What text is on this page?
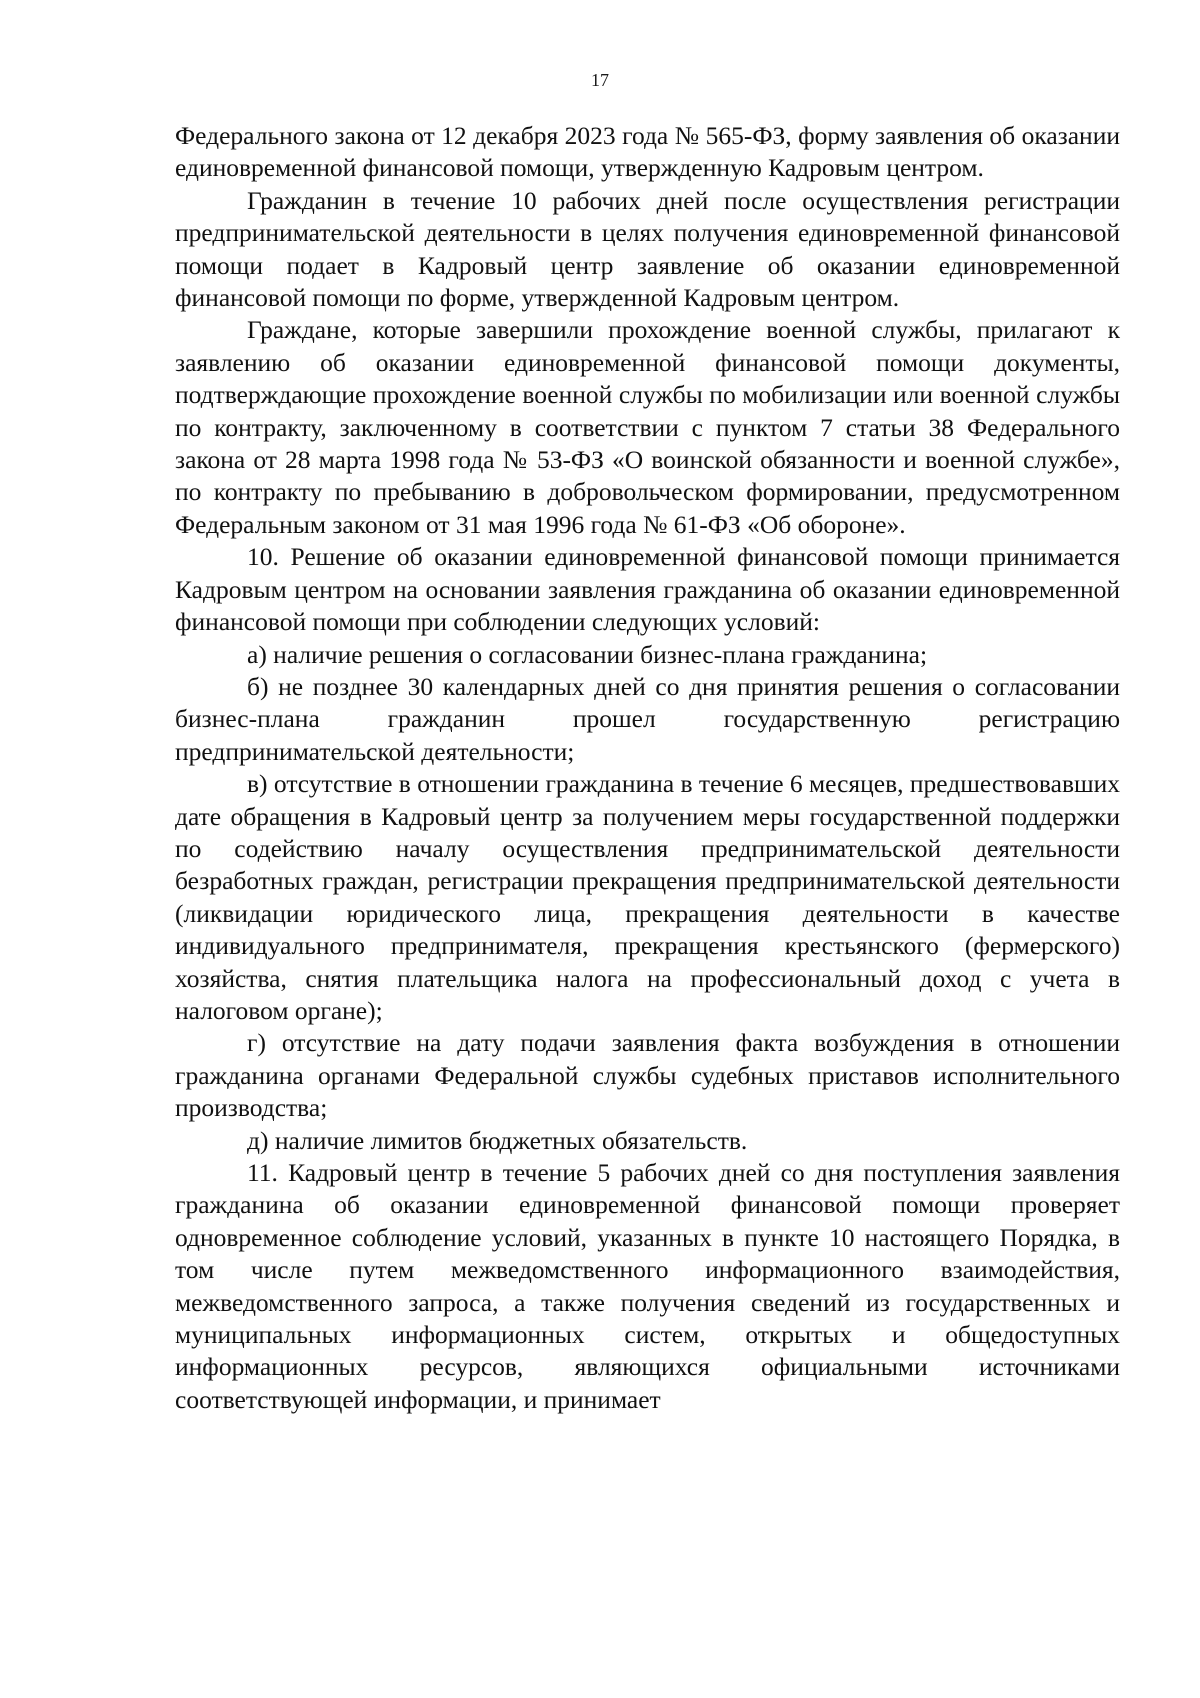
17

Федерального закона от 12 декабря 2023 года № 565-ФЗ, форму заявления об оказании единовременной финансовой помощи, утвержденную Кадровым центром.

Гражданин в течение 10 рабочих дней после осуществления регистрации предпринимательской деятельности в целях получения единовременной финансовой помощи подает в Кадровый центр заявление об оказании единовременной финансовой помощи по форме, утвержденной Кадровым центром.

Граждане, которые завершили прохождение военной службы, прилагают к заявлению об оказании единовременной финансовой помощи документы, подтверждающие прохождение военной службы по мобилизации или военной службы по контракту, заключенному в соответствии с пунктом 7 статьи 38 Федерального закона от 28 марта 1998 года № 53-ФЗ «О воинской обязанности и военной службе», по контракту по пребыванию в добровольческом формировании, предусмотренном Федеральным законом от 31 мая 1996 года № 61-ФЗ «Об обороне».

10. Решение об оказании единовременной финансовой помощи принимается Кадровым центром на основании заявления гражданина об оказании единовременной финансовой помощи при соблюдении следующих условий:

а) наличие решения о согласовании бизнес-плана гражданина;

б) не позднее 30 календарных дней со дня принятия решения о согласовании бизнес-плана гражданин прошел государственную регистрацию предпринимательской деятельности;

в) отсутствие в отношении гражданина в течение 6 месяцев, предшествовавших дате обращения в Кадровый центр за получением меры государственной поддержки по содействию началу осуществления предпринимательской деятельности безработных граждан, регистрации прекращения предпринимательской деятельности (ликвидации юридического лица, прекращения деятельности в качестве индивидуального предпринимателя, прекращения крестьянского (фермерского) хозяйства, снятия плательщика налога на профессиональный доход с учета в налоговом органе);

г) отсутствие на дату подачи заявления факта возбуждения в отношении гражданина органами Федеральной службы судебных приставов исполнительного производства;

д) наличие лимитов бюджетных обязательств.

11. Кадровый центр в течение 5 рабочих дней со дня поступления заявления гражданина об оказании единовременной финансовой помощи проверяет одновременное соблюдение условий, указанных в пункте 10 настоящего Порядка, в том числе путем межведомственного информационного взаимодействия, межведомственного запроса, а также получения сведений из государственных и муниципальных информационных систем, открытых и общедоступных информационных ресурсов, являющихся официальными источниками соответствующей информации, и принимает
